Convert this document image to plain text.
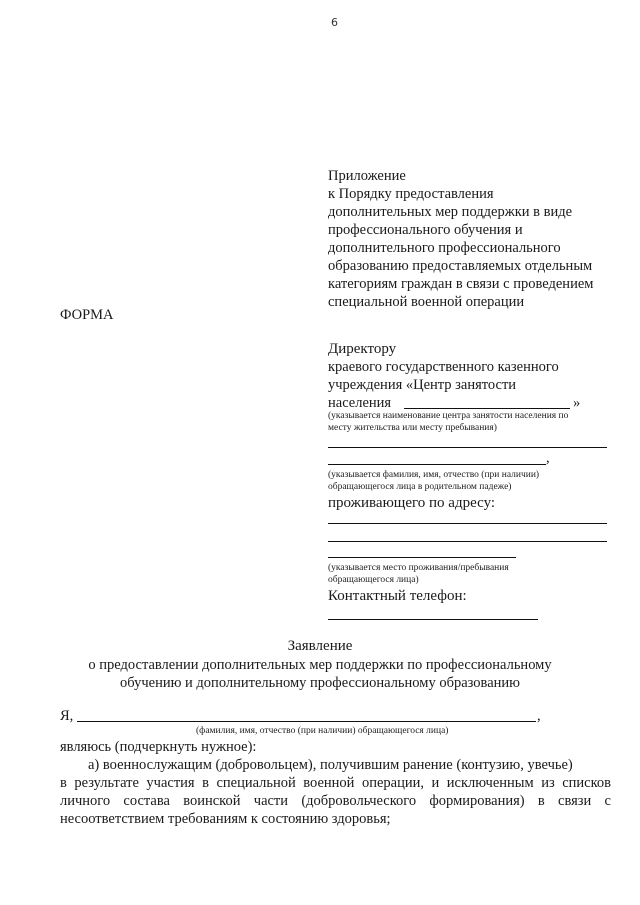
6
Приложение
к Порядку предоставления
дополнительных мер поддержки в виде
профессионального обучения и
дополнительного профессионального
образованию предоставляемых отдельным
категориям граждан в связи с проведением
специальной военной операции
ФОРМА
Директору
краевого государственного казенного
учреждения «Центр занятости
населения	»
(указывается наименование центра занятости населения по
месту жительства или месту пребывания)
,
(указывается фамилия, имя, отчество (при наличии)
обращающегося лица в родительном падеже)
проживающего по адресу:
(указывается место проживания/пребывания
обращающегося лица)
Контактный телефон:
Заявление
о предоставлении дополнительных мер поддержки по профессиональному
обучению и дополнительному профессиональному образованию
Я,	,
(фамилия, имя, отчество (при наличии) обращающегося лица)
являюсь (подчеркнуть нужное):
а) военнослужащим (добровольцем), получившим ранение (контузию, увечье)
в результате участия в специальной военной операции, и исключенным из списков
личного состава воинской части (добровольческого формирования) в связи с
несоответствием требованиям к состоянию здоровья;
